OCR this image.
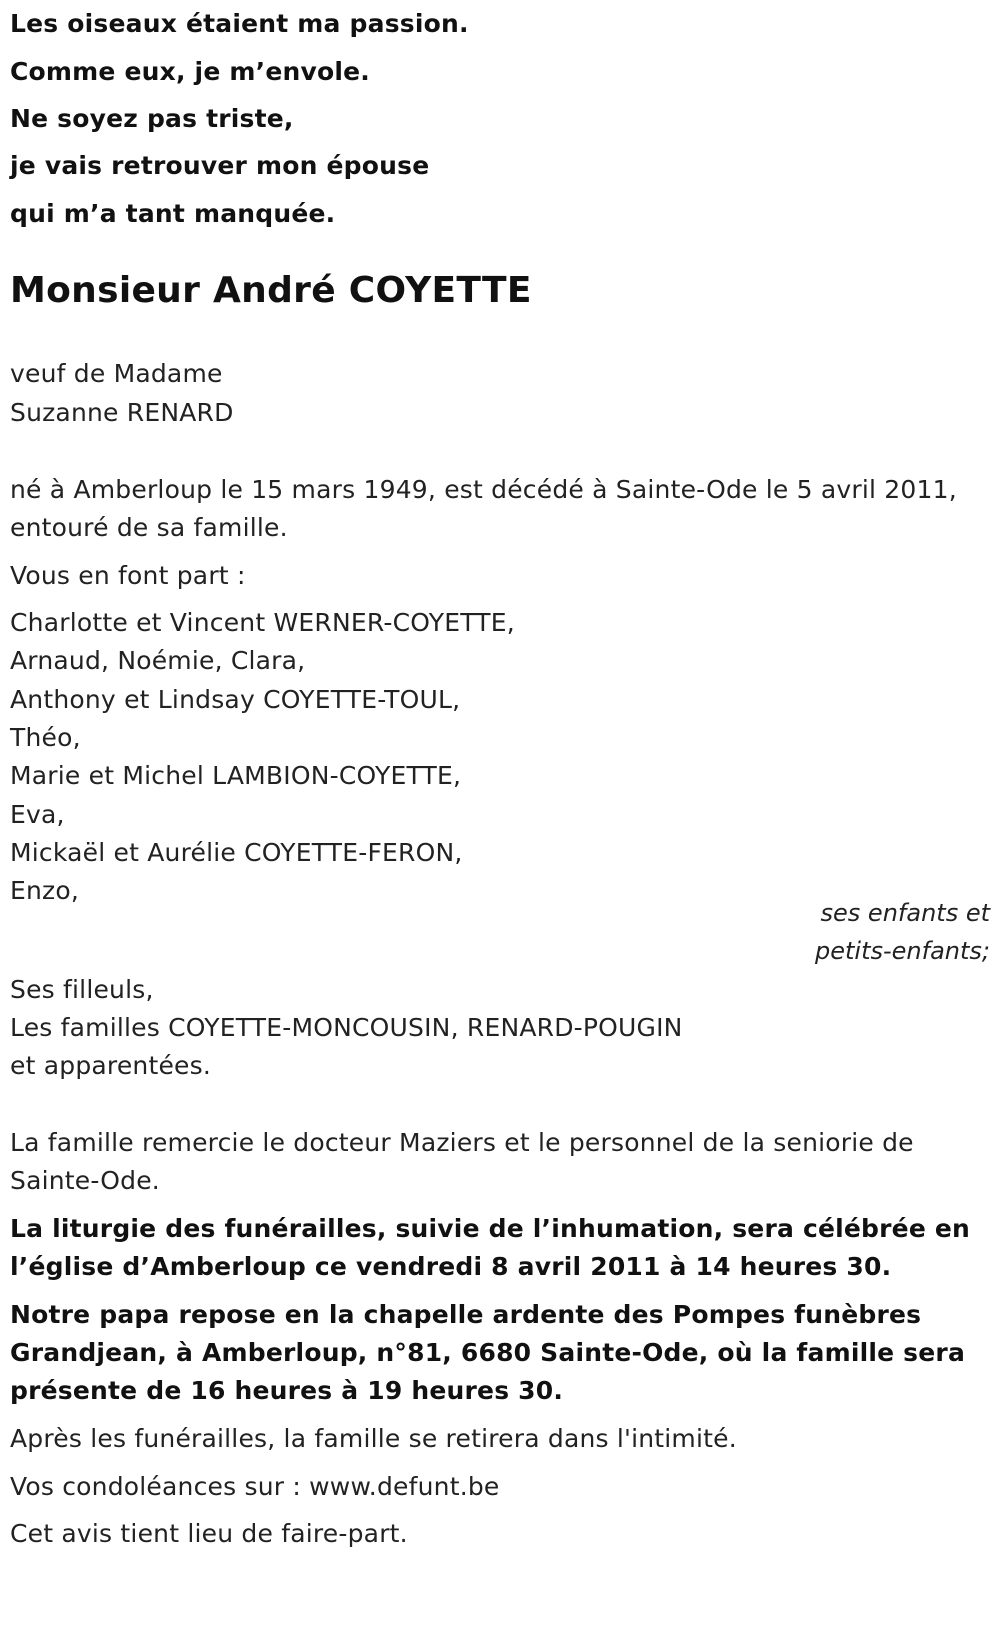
Les oiseaux étaient ma passion.
Comme eux, je m’envole.
Ne soyez pas triste,
je vais retrouver mon épouse
qui m’a tant manquée.
Monsieur André COYETTE
veuf de Madame
Suzanne RENARD
né à Amberloup le 15 mars 1949, est décédé à Sainte-Ode le 5 avril 2011,
entouré de sa famille.
Vous en font part :
Charlotte et Vincent WERNER-COYETTE,
Arnaud, Noémie, Clara,
Anthony et Lindsay COYETTE-TOUL,
Théo,
Marie et Michel LAMBION-COYETTE,
Eva,
Mickaël et Aurélie COYETTE-FERON,
Enzo,
ses enfants et
petits-enfants;
Ses filleuls,
Les familles COYETTE-MONCOUSIN, RENARD-POUGIN
et apparentées.
La famille remercie le docteur Maziers et le personnel de la seniorie de
Sainte-Ode.
La liturgie des funérailles, suivie de l’inhumation, sera célébrée en
l’église d’Amberloup ce vendredi 8 avril 2011 à 14 heures 30.
Notre papa repose en la chapelle ardente des Pompes funèbres
Grandjean, à Amberloup, n°81, 6680 Sainte-Ode, où la famille sera
présente de 16 heures à 19 heures 30.
Après les funérailles, la famille se retirera dans l'intimité.
Vos condoléances sur : www.defunt.be
Cet avis tient lieu de faire-part.
